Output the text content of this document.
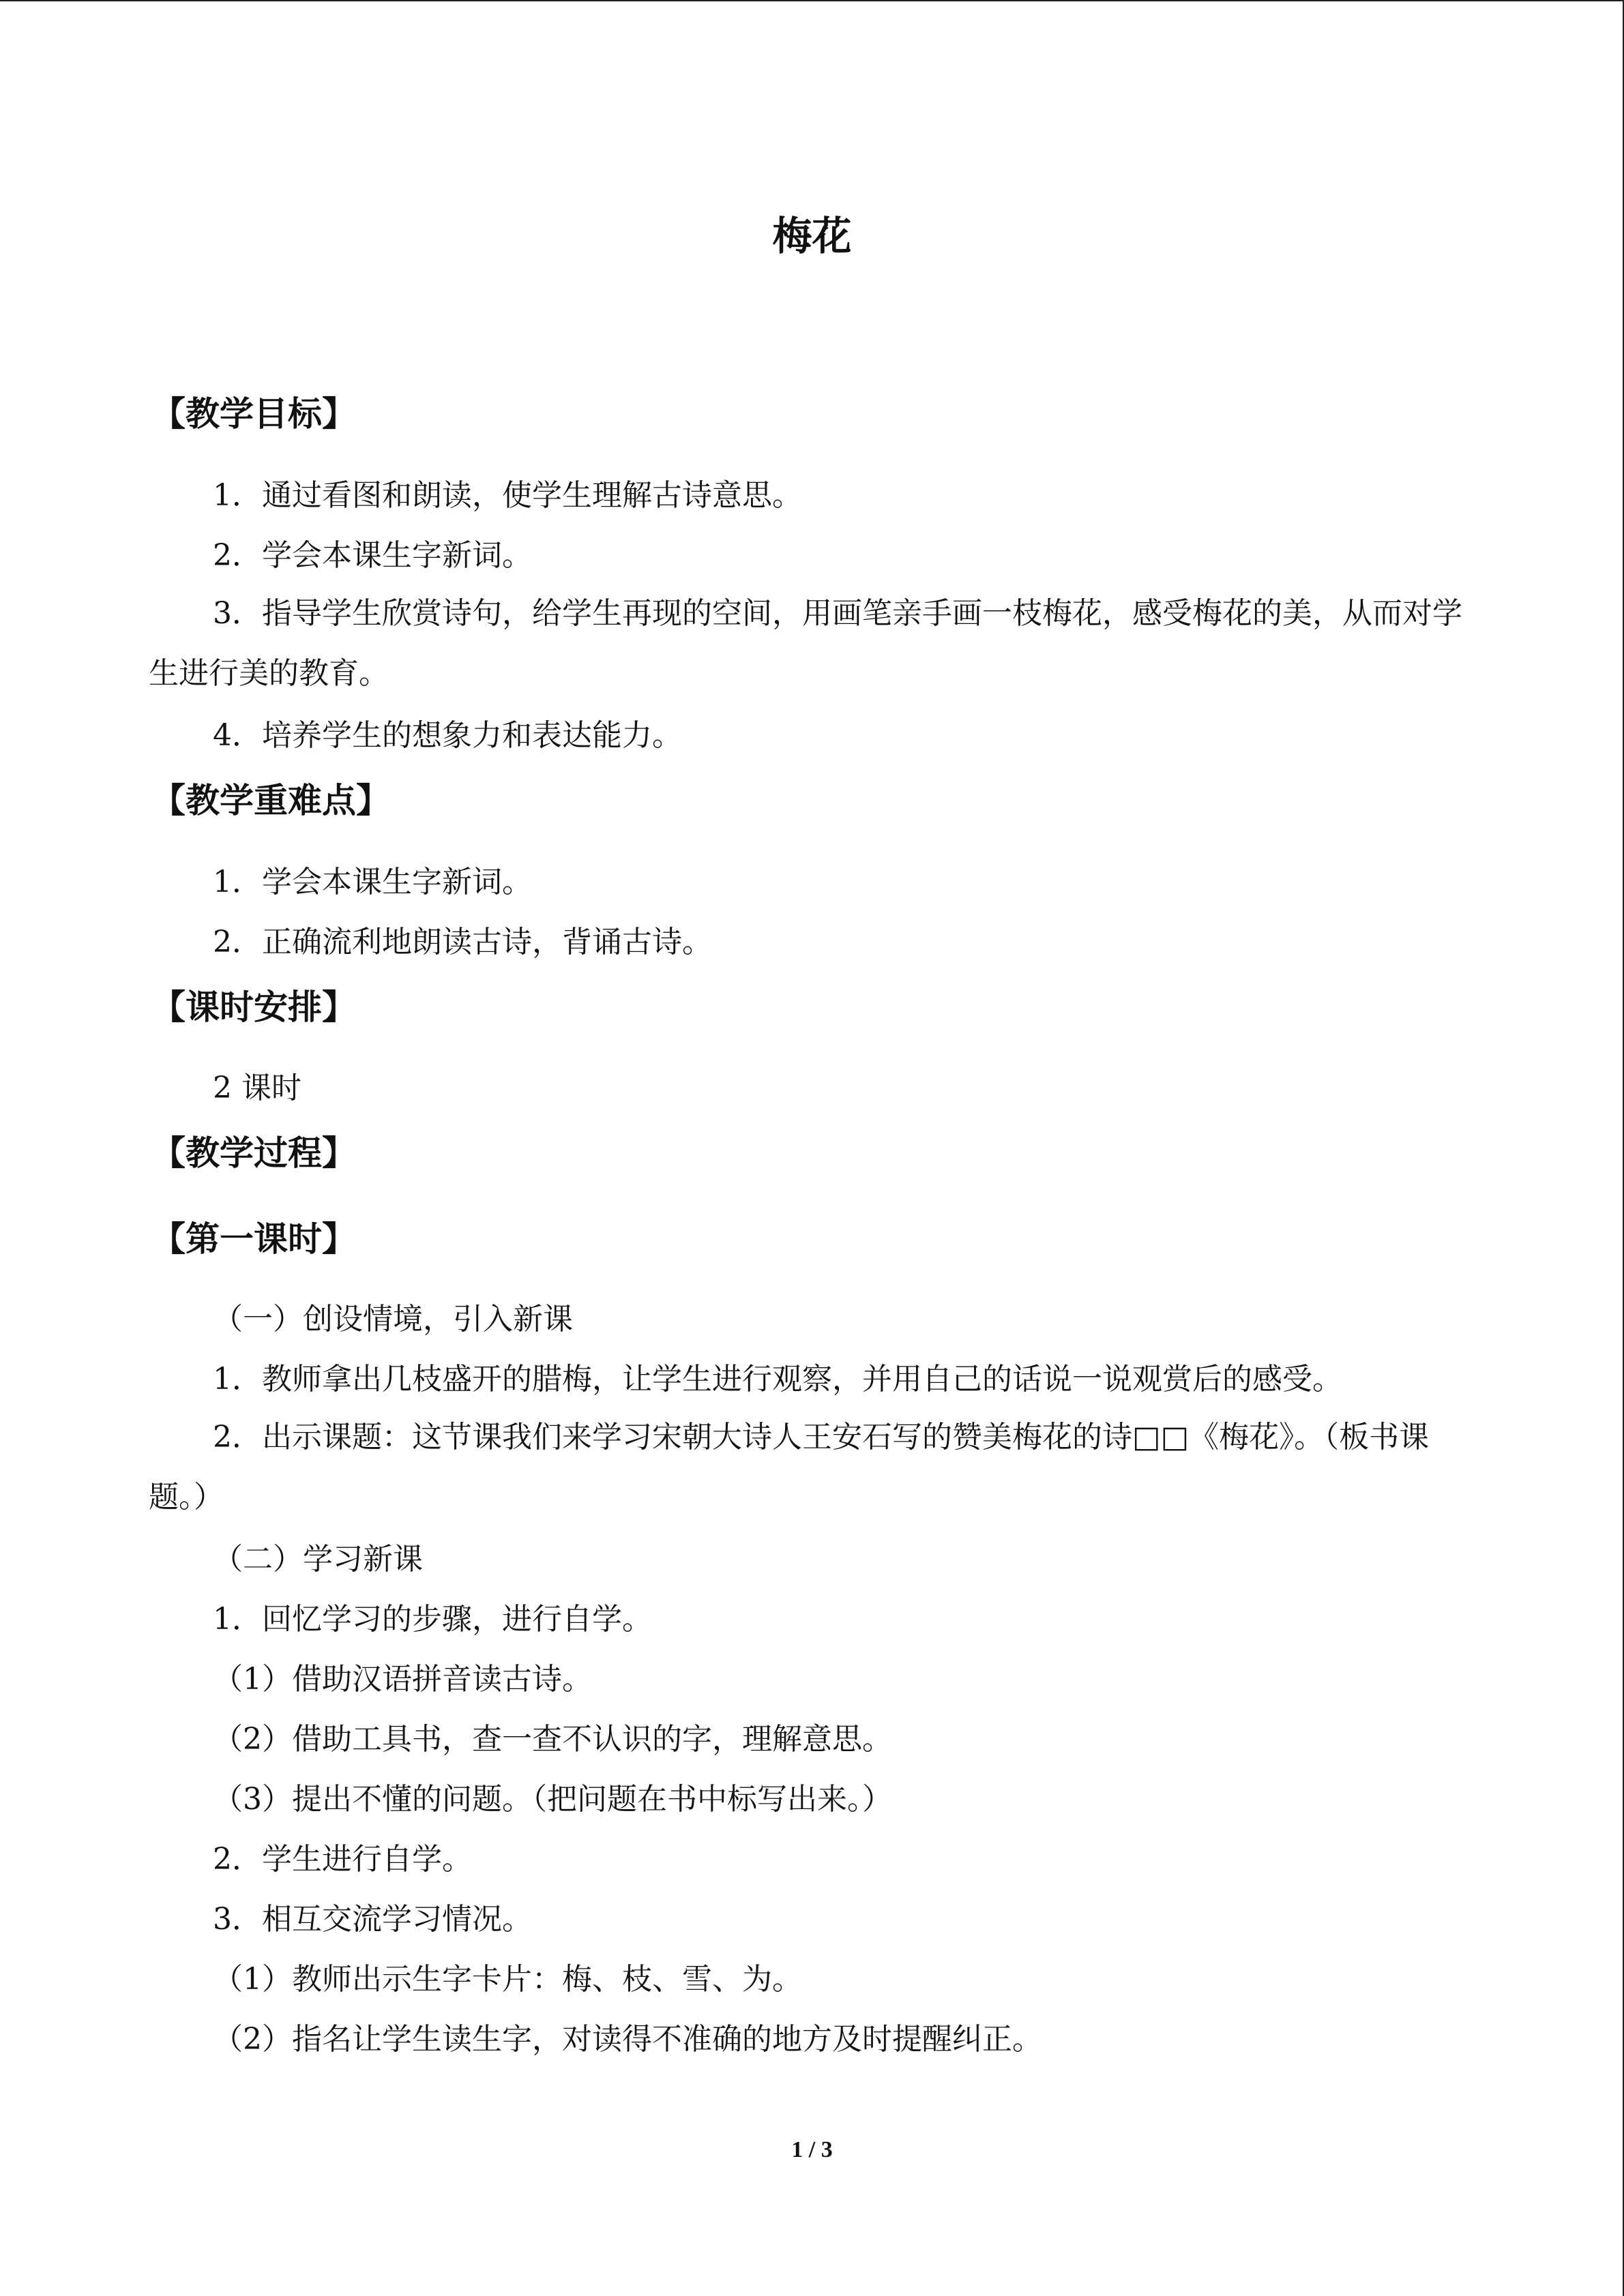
梅花
【教学目标】
1．通过看图和朗读，使学生理解古诗意思。
2．学会本课生字新词。
3．指导学生欣赏诗句，给学生再现的空间，用画笔亲手画一枝梅花，感受梅花的美，从而对学生进行美的教育。
4．培养学生的想象力和表达能力。
【教学重难点】
1．学会本课生字新词。
2．正确流利地朗读古诗，背诵古诗。
【课时安排】
2 课时
【教学过程】
【第一课时】
（一）创设情境，引入新课
1．教师拿出几枝盛开的腊梅，让学生进行观察，并用自己的话说一说观赏后的感受。
2．出示课题：这节课我们来学习宋朝大诗人王安石写的赞美梅花的诗□□《梅花》。（板书课题。）
（二）学习新课
1．回忆学习的步骤，进行自学。
（1）借助汉语拼音读古诗。
（2）借助工具书，查一查不认识的字，理解意思。
（3）提出不懂的问题。（把问题在书中标写出来。）
2．学生进行自学。
3．相互交流学习情况。
（1）教师出示生字卡片：梅、枝、雪、为。
（2）指名让学生读生字，对读得不准确的地方及时提醒纠正。
1 / 3
